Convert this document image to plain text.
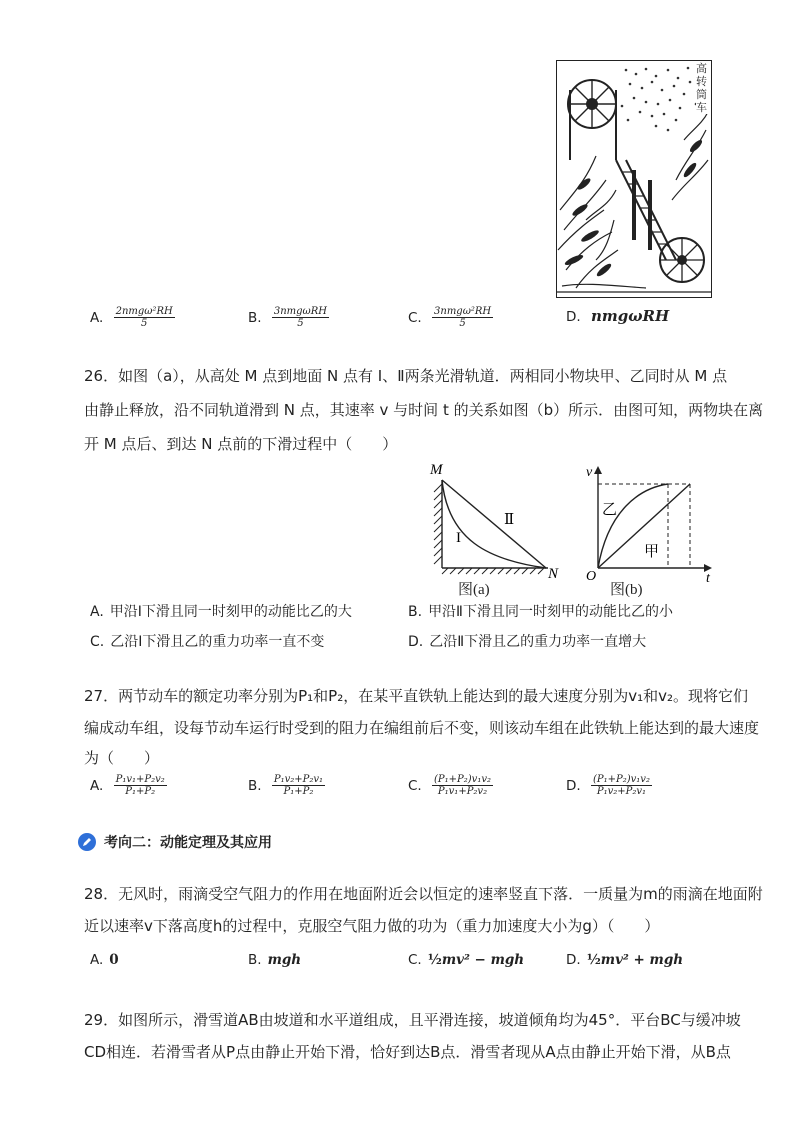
高转筒车
A. $\frac{\text{2nmgω²RH}}{5}$	B. $\frac{\text{3nmgωRH}}{5}$	C. $\frac{\text{3nmgω²RH}}{5}$	D. nmgωRH
26．如图（a），从高处 M 点到地面 N 点有 Ⅰ、Ⅱ两条光滑轨道．两相同小物块甲、乙同时从 M 点
由静止释放，沿不同轨道滑到 N 点，其速率 v 与时间 t 的关系如图（b）所示．由图可知，两物块在离
开 M 点后、到达 N 点前的下滑过程中（　　）
M
I
Ⅱ
N
图(a)
v
t
O
乙
甲
图(b)
A. 甲沿Ⅰ下滑且同一时刻甲的动能比乙的大	B. 甲沿Ⅱ下滑且同一时刻甲的动能比乙的小
C. 乙沿Ⅰ下滑且乙的重力功率一直不变	D. 乙沿Ⅱ下滑且乙的重力功率一直增大
27．两节动车的额定功率分别为P₁和P₂，在某平直铁轨上能达到的最大速度分别为v₁和v₂。现将它们
编成动车组，设每节动车运行时受到的阻力在编组前后不变，则该动车组在此铁轨上能达到的最大速度
为（　　）
A. $\frac{\text{P₁v₁+P₂v₂}}{\text{P₁+P₂}}$	B. $\frac{\text{P₁v₂+P₂v₁}}{\text{P₁+P₂}}$	C. $\frac{\text{(P₁+P₂)v₁v₂}}{\text{P₁v₁+P₂v₂}}$	D. $\frac{\text{(P₁+P₂)v₁v₂}}{\text{P₁v₂+P₂v₁}}$
考向二：动能定理及其应用
28．无风时，雨滴受空气阻力的作用在地面附近会以恒定的速率竖直下落．一质量为m的雨滴在地面附
近以速率v下落高度h的过程中，克服空气阻力做的功为（重力加速度大小为g）（　　）
A. 0	B. mgh	C. ½mv² − mgh	D. ½mv² + mgh
29．如图所示，滑雪道AB由坡道和水平道组成，且平滑连接，坡道倾角均为45°．平台BC与缓冲坡
CD相连．若滑雪者从P点由静止开始下滑，恰好到达B点．滑雪者现从A点由静止开始下滑，从B点
